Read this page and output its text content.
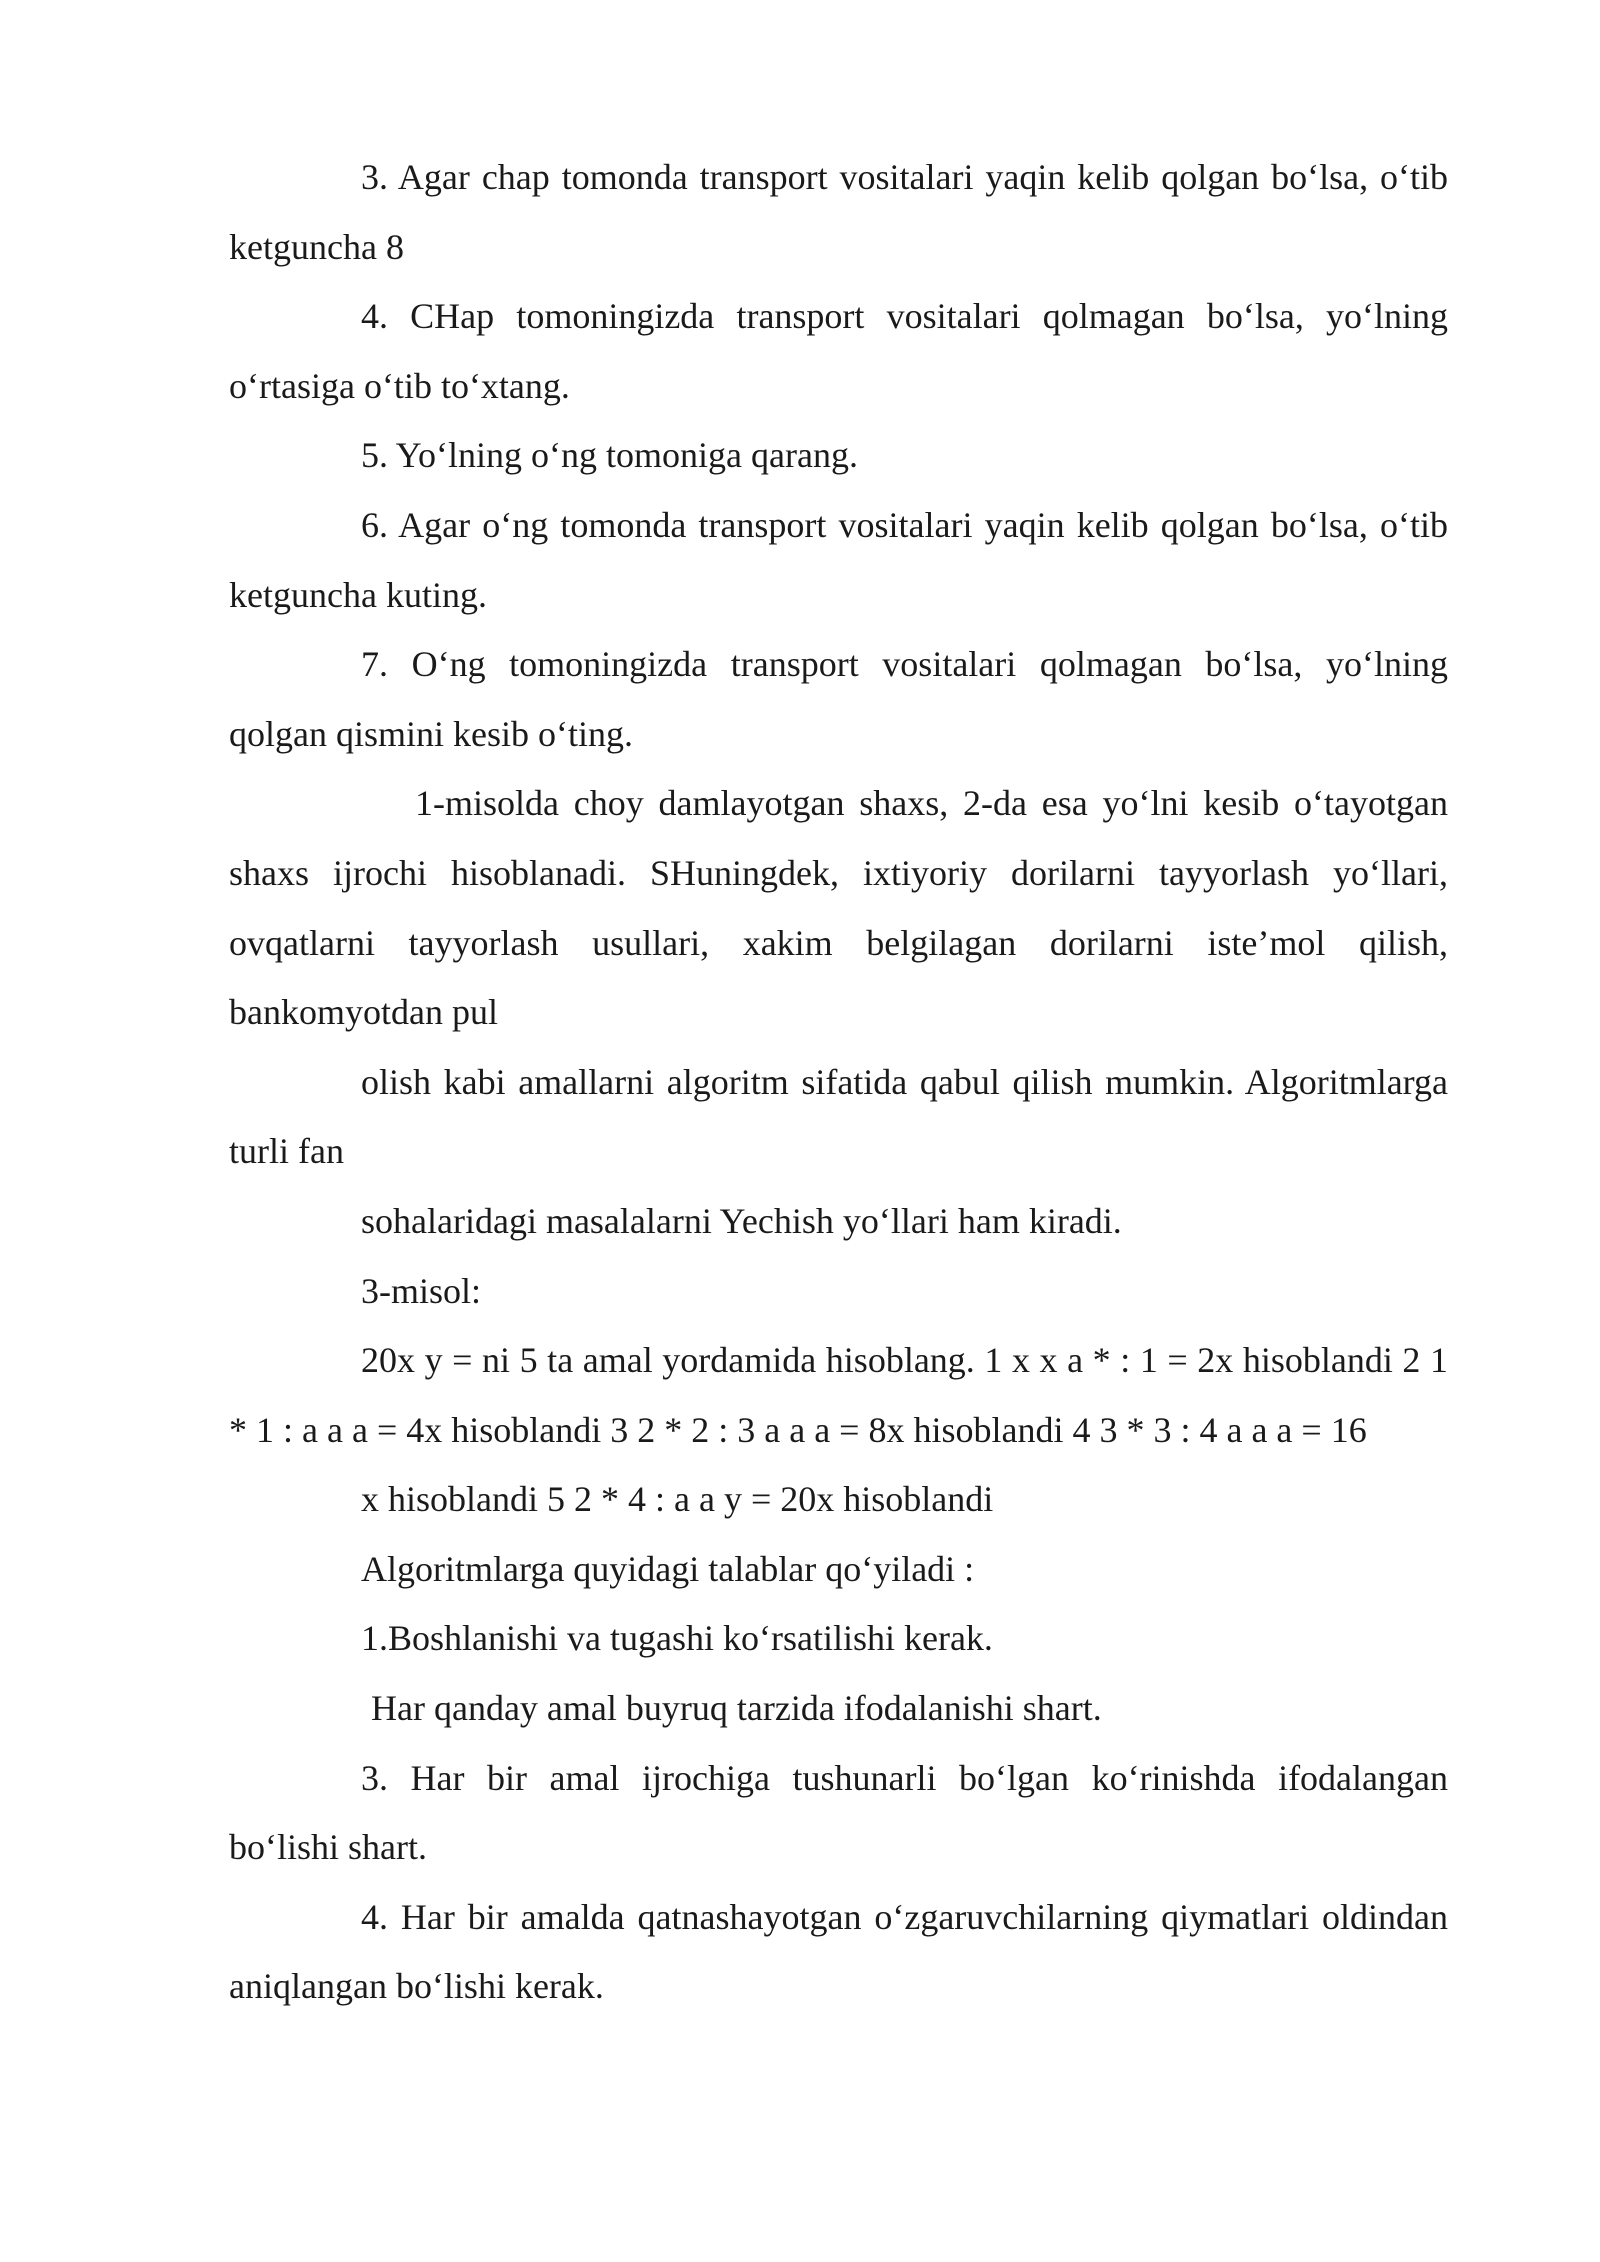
3. Agar chap tomonda transport vositalari yaqin kelib qolgan bo‘lsa, o‘tib ketguncha 8

4. CHap tomoningizda transport vositalari qolmagan bo‘lsa, yo‘lning o‘rtasiga o‘tib to‘xtang.

5. Yo‘lning o‘ng tomoniga qarang.

6. Agar o‘ng tomonda transport vositalari yaqin kelib qolgan bo‘lsa, o‘tib ketguncha kuting.

7. O‘ng tomoningizda transport vositalari qolmagan bo‘lsa, yo‘lning qolgan qismini kesib o‘ting.

1-misolda choy damlayotgan shaxs, 2-da esa yo‘lni kesib o‘tayotgan shaxs ijrochi hisoblanadi. SHuningdek, ixtiyoriy dorilarni tayyorlash yo‘llari, ovqatlarni tayyorlash usullari, xakim belgilagan dorilarni iste’mol qilish, bankomyotdan pul

olish kabi amallarni algoritm sifatida qabul qilish mumkin. Algoritmlarga turli fan

sohalaridagi masalalarni Yechish yo‘llari ham kiradi.

3-misol:

20x y = ni 5 ta amal yordamida hisoblang. 1 x x a * : 1 = 2x hisoblandi 2 1 * 1 : a a a = 4x hisoblandi 3 2 * 2 : 3 a a a = 8x hisoblandi 4 3 * 3 : 4 a a a = 16

x hisoblandi 5 2 * 4 : a a y = 20x hisoblandi

Algoritmlarga quyidagi talablar qo‘yiladi :

1.Boshlanishi va tugashi ko‘rsatilishi kerak.

Har qanday amal buyruq tarzida ifodalanishi shart.

3. Har bir amal ijrochiga tushunarli bo‘lgan ko‘rinishda ifodalangan bo‘lishi shart.

4. Har bir amalda qatnashayotgan o‘zgaruvchilarning qiymatlari oldindan aniqlangan bo‘lishi kerak.
